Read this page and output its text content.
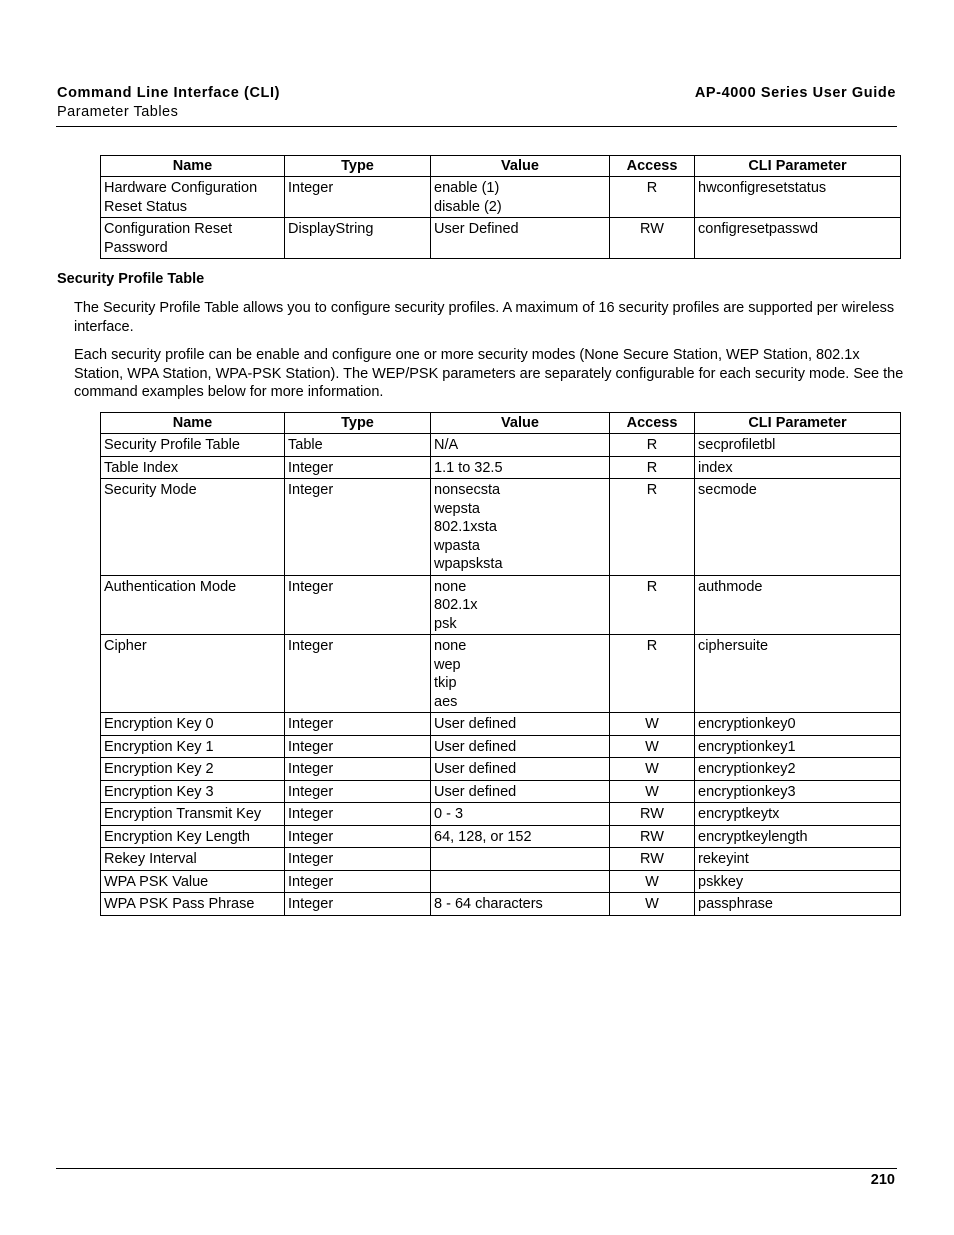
Command Line Interface (CLI)
Parameter Tables
AP-4000 Series User Guide
Name	Type	Value	Access	CLI Parameter

Hardware Configuration
Reset Status	Integer	enable (1)
disable (2)	R	hwconfigresetstatus

Configuration Reset
Password	DisplayString	User Defined	RW	configresetpasswd
Security Profile Table
The Security Profile Table allows you to configure security profiles. A maximum of 16 security profiles are supported per wireless interface.
Each security profile can be enable and configure one or more security modes (None Secure Station, WEP Station, 802.1x Station, WPA Station, WPA-PSK Station). The WEP/PSK parameters are separately configurable for each security mode. See the command examples below for more information.
Name	Type	Value	Access	CLI Parameter

Security Profile Table	Table	N/A	R	secprofiletbl

Table Index	Integer	1.1 to 32.5	R	index

Security Mode	Integer	nonsecsta
wepsta
802.1xsta
wpasta
wpapsksta	R	secmode

Authentication Mode	Integer	none
802.1x
psk	R	authmode

Cipher	Integer	none
wep
tkip
aes	R	ciphersuite

Encryption Key 0	Integer	User defined	W	encryptionkey0

Encryption Key 1	Integer	User defined	W	encryptionkey1

Encryption Key 2	Integer	User defined	W	encryptionkey2

Encryption Key 3	Integer	User defined	W	encryptionkey3

Encryption Transmit Key	Integer	0 - 3	RW	encryptkeytx

Encryption Key Length	Integer	64, 128, or 152	RW	encryptkeylength

Rekey Interval	Integer		RW	rekeyint

WPA PSK Value	Integer		W	pskkey

WPA PSK Pass Phrase	Integer	8 - 64 characters	W	passphrase
210
